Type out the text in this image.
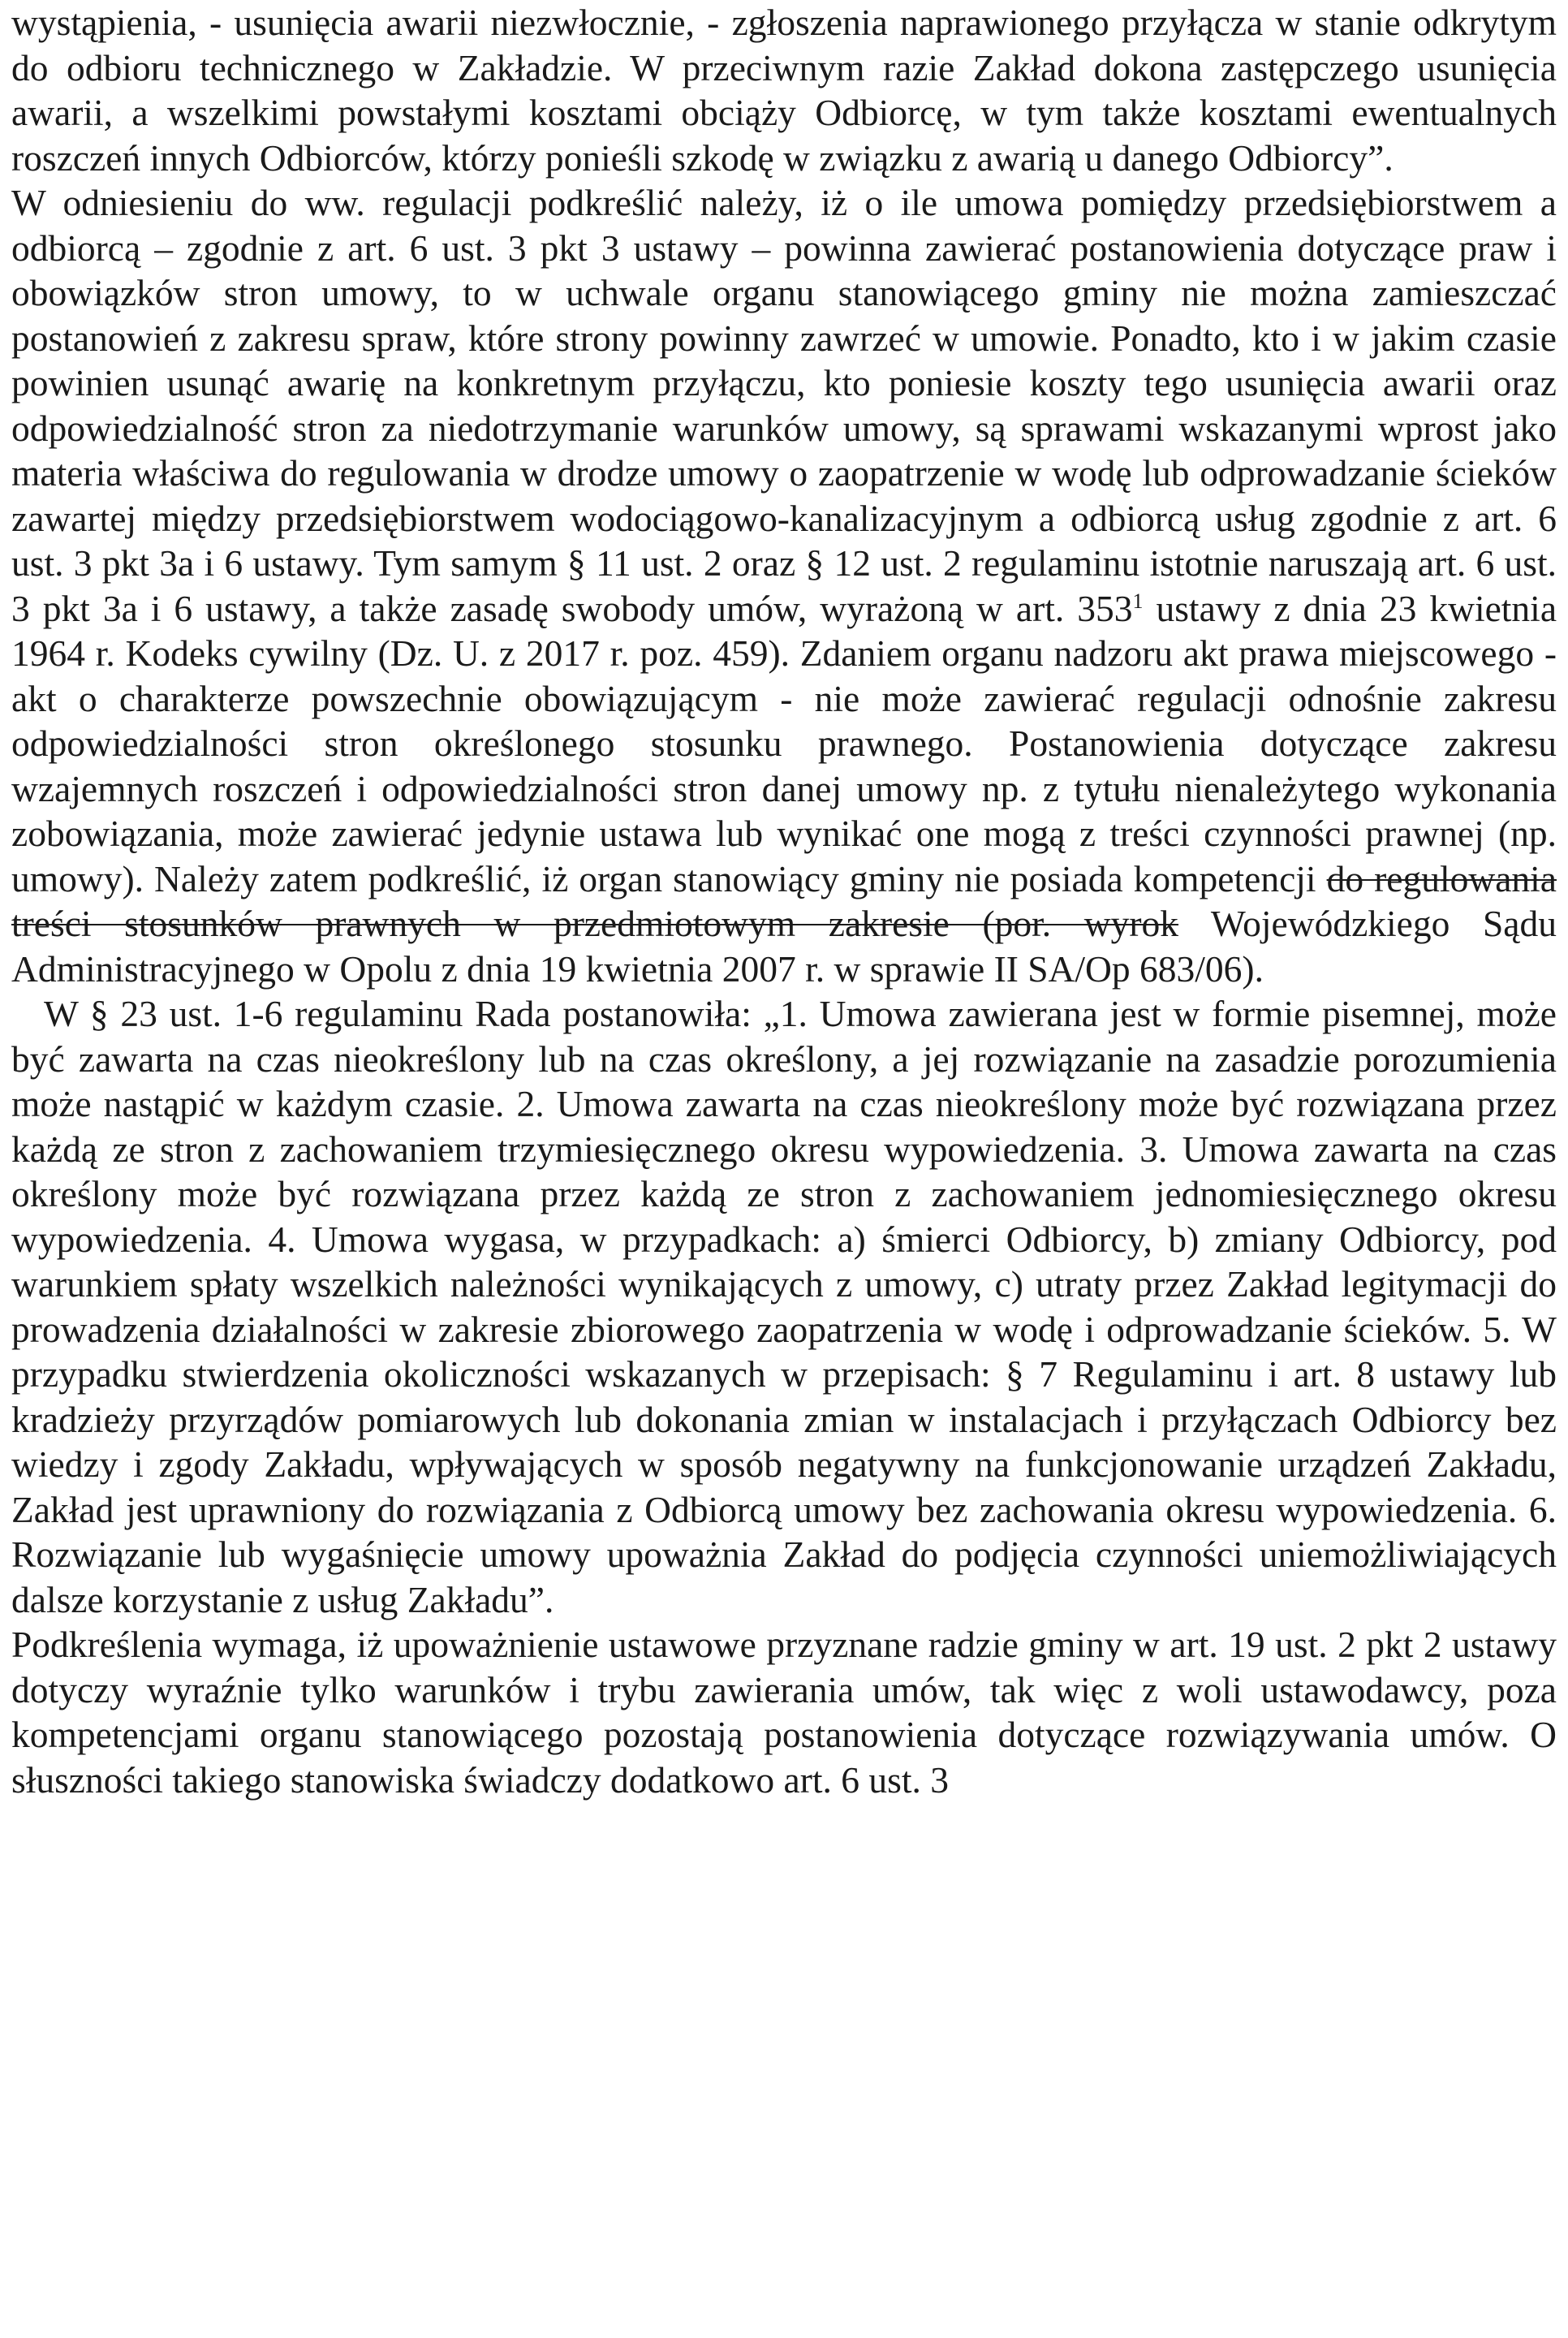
wystąpienia, - usunięcia awarii niezwłocznie, - zgłoszenia naprawionego przyłącza w stanie odkrytym do odbioru technicznego w Zakładzie. W przeciwnym razie Zakład dokona zastępczego usunięcia awarii, a wszelkimi powstałymi kosztami obciąży Odbiorcę, w tym także kosztami ewentualnych roszczeń innych Odbiorców, którzy ponieśli szkodę w związku z awarią u danego Odbiorcy”.

W odniesieniu do ww. regulacji podkreślić należy, iż o ile umowa pomiędzy przedsiębiorstwem a odbiorcą – zgodnie z art. 6 ust. 3 pkt 3 ustawy – powinna zawierać postanowienia dotyczące praw i obowiązków stron umowy, to w uchwale organu stanowiącego gminy nie można zamieszczać postanowień z zakresu spraw, które strony powinny zawrzeć w umowie. Ponadto, kto i w jakim czasie powinien usunąć awarię na konkretnym przyłączu, kto poniesie koszty tego usunięcia awarii oraz odpowiedzialność stron za niedotrzymanie warunków umowy, są sprawami wskazanymi wprost jako materia właściwa do regulowania w drodze umowy o zaopatrzenie w wodę lub odprowadzanie ścieków zawartej między przedsiębiorstwem wodociągowo-kanalizacyjnym a odbiorcą usług zgodnie z art. 6 ust. 3 pkt 3a i 6 ustawy. Tym samym § 11 ust. 2 oraz § 12 ust. 2 regulaminu istotnie naruszają art. 6 ust. 3 pkt 3a i 6 ustawy, a także zasadę swobody umów, wyrażoną w art. $353^1$ ustawy z dnia 23 kwietnia 1964 r. Kodeks cywilny (Dz. U. z 2017 r. poz. 459). Zdaniem organu nadzoru akt prawa miejscowego - akt o charakterze powszechnie obowiązującym - nie może zawierać regulacji odnośnie zakresu odpowiedzialności stron określonego stosunku prawnego. Postanowienia dotyczące zakresu wzajemnych roszczeń i odpowiedzialności stron danej umowy np. z tytułu nienależytego wykonania zobowiązania, może zawierać jedynie ustawa lub wynikać one mogą z treści czynności prawnej (np. umowy). Należy zatem podkreślić, iż organ stanowiący gminy nie posiada kompetencji do regulowania treści stosunków prawnych w przedmiotowym zakresie (por. wyrok Wojewódzkiego Sądu Administracyjnego w Opolu z dnia 19 kwietnia 2007 r. w sprawie II SA/Op 683/06).

W § 23 ust. 1-6 regulaminu Rada postanowiła: „1. Umowa zawierana jest w formie pisemnej, może być zawarta na czas nieokreślony lub na czas określony, a jej rozwiązanie na zasadzie porozumienia może nastąpić w każdym czasie. 2. Umowa zawarta na czas nieokreślony może być rozwiązana przez każdą ze stron z zachowaniem trzymiesięcznego okresu wypowiedzenia. 3. Umowa zawarta na czas określony może być rozwiązana przez każdą ze stron z zachowaniem jednomiesięcznego okresu wypowiedzenia. 4. Umowa wygasa, w przypadkach: a) śmierci Odbiorcy, b) zmiany Odbiorcy, pod warunkiem spłaty wszelkich należności wynikających z umowy, c) utraty przez Zakład legitymacji do prowadzenia działalności w zakresie zbiorowego zaopatrzenia w wodę i odprowadzanie ścieków. 5. W przypadku stwierdzenia okoliczności wskazanych w przepisach: § 7 Regulaminu i art. 8 ustawy lub kradzieży przyrządów pomiarowych lub dokonania zmian w instalacjach i przyłączach Odbiorcy bez wiedzy i zgody Zakładu, wpływających w sposób negatywny na funkcjonowanie urządzeń Zakładu, Zakład jest uprawniony do rozwiązania z Odbiorcą umowy bez zachowania okresu wypowiedzenia. 6. Rozwiązanie lub wygaśnięcie umowy upoważnia Zakład do podjęcia czynności uniemożliwiających dalsze korzystanie z usług Zakładu”.

Podkreślenia wymaga, iż upoważnienie ustawowe przyznane radzie gminy w art. 19 ust. 2 pkt 2 ustawy dotyczy wyraźnie tylko warunków i trybu zawierania umów, tak więc z woli ustawodawcy, poza kompetencjami organu stanowiącego pozostają postanowienia dotyczące rozwiązywania umów. O słuszności takiego stanowiska świadczy dodatkowo art. 6 ust. 3
